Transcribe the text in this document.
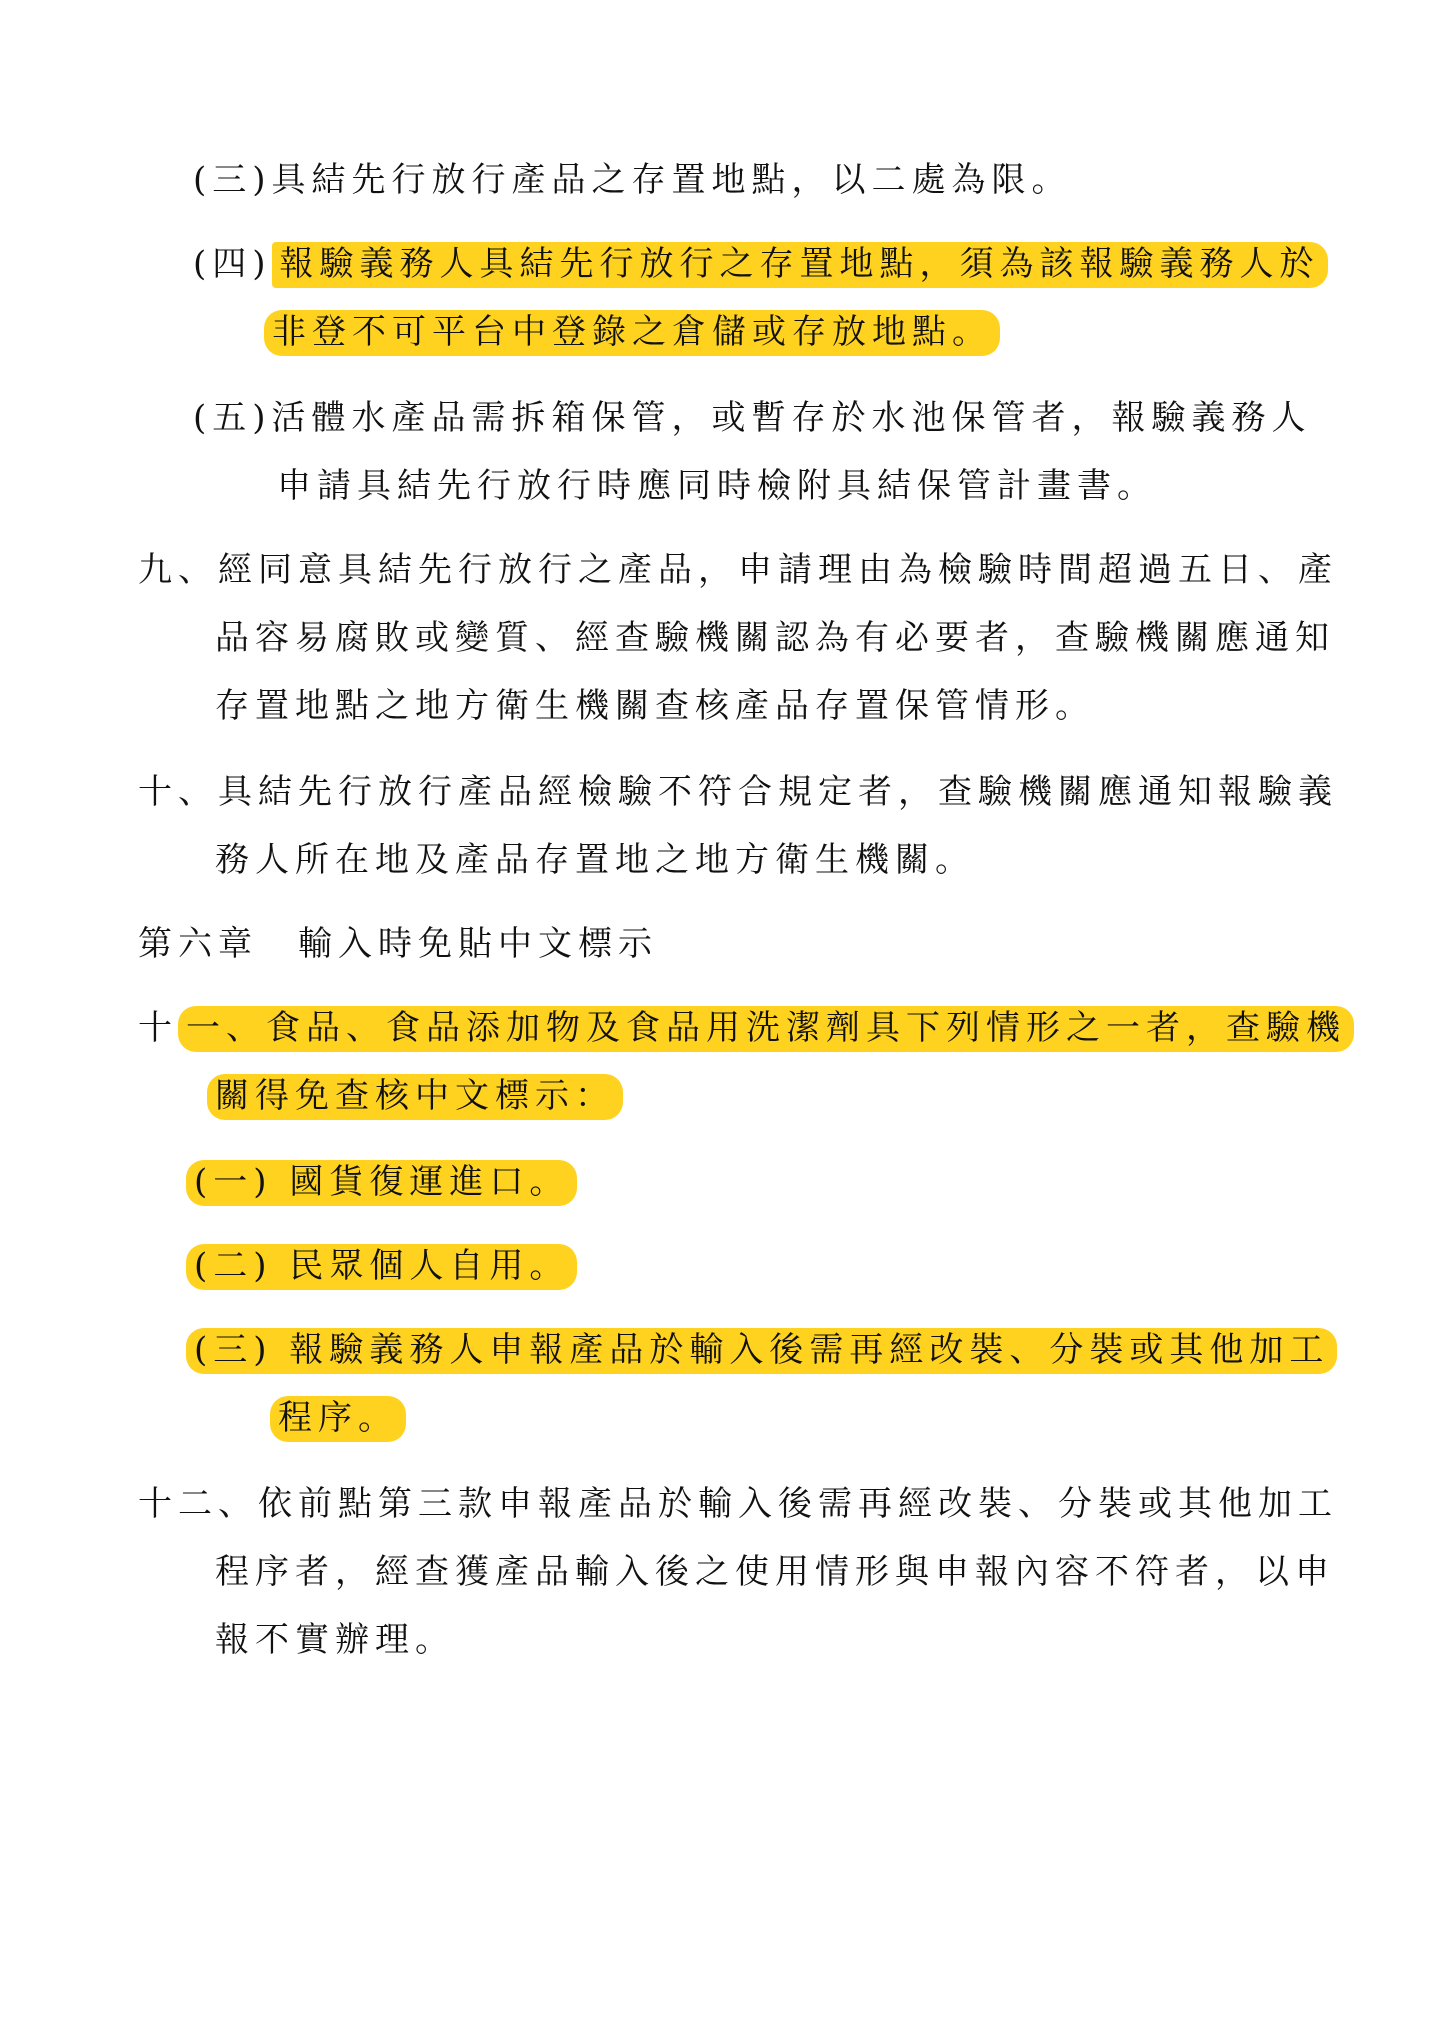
(三)具結先行放行產品之存置地點，以二處為限。
(四) 報驗義務人具結先行放行之存置地點，須為該報驗義務人於
非登不可平台中登錄之倉儲或存放地點。
(五)活體水產品需拆箱保管，或暫存於水池保管者，報驗義務人
申請具結先行放行時應同時檢附具結保管計畫書。
九、經同意具結先行放行之產品，申請理由為檢驗時間超過五日、產
品容易腐敗或變質、經查驗機關認為有必要者，查驗機關應通知
存置地點之地方衛生機關查核產品存置保管情形。
十、具結先行放行產品經檢驗不符合規定者，查驗機關應通知報驗義
務人所在地及產品存置地之地方衛生機關。
第六章　輸入時免貼中文標示
十 一、食品、食品添加物及食品用洗潔劑具下列情形之一者，查驗機
關得免查核中文標示：
(一) 國貨復運進口。
(二) 民眾個人自用。
(三) 報驗義務人申報產品於輸入後需再經改裝、分裝或其他加工
程序。
十二、依前點第三款申報產品於輸入後需再經改裝、分裝或其他加工
程序者，經查獲產品輸入後之使用情形與申報內容不符者，以申
報不實辦理。
